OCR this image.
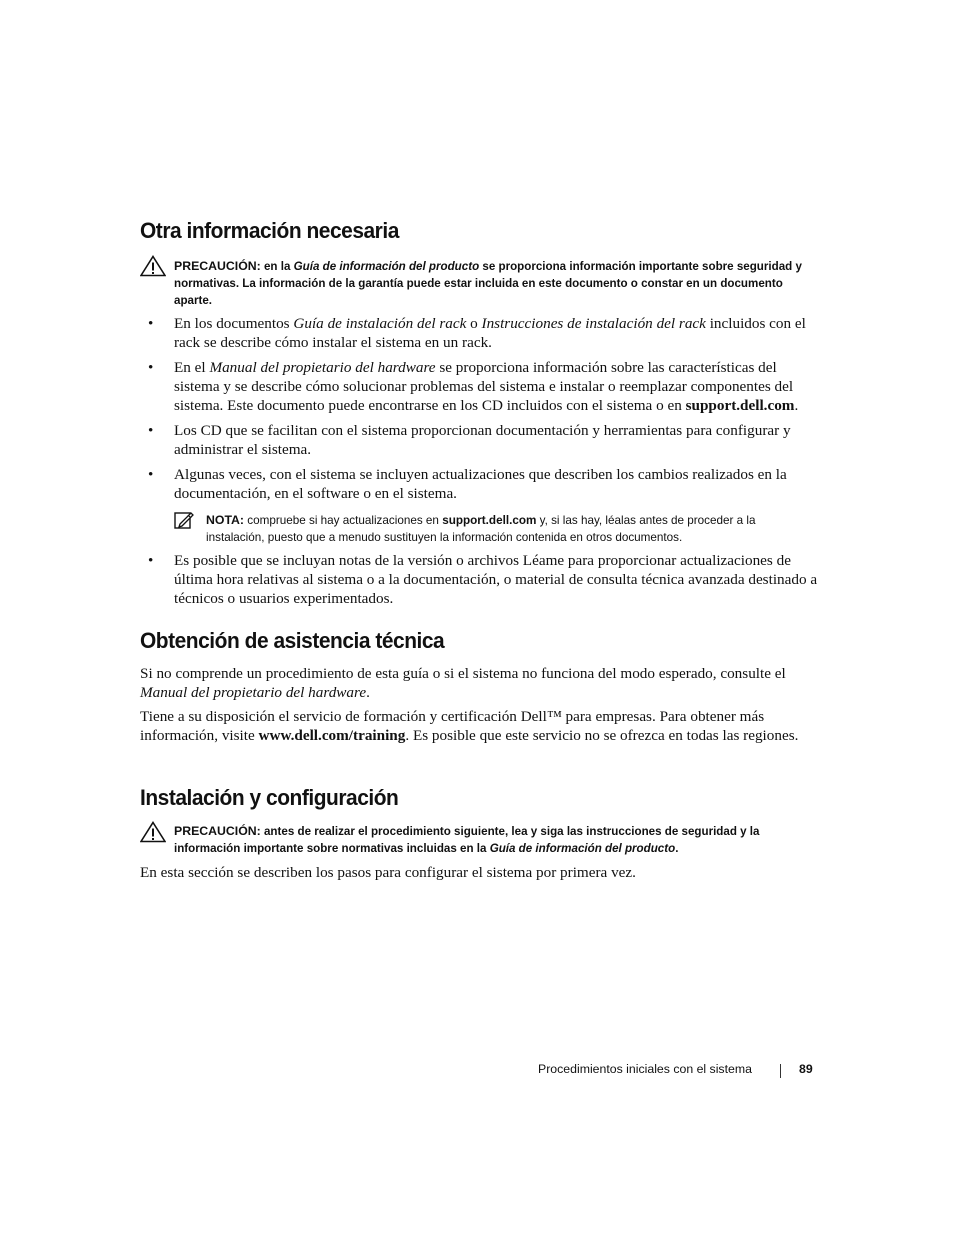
Otra información necesaria
PRECAUCIÓN: en la Guía de información del producto se proporciona información importante sobre seguridad y normativas. La información de la garantía puede estar incluida en este documento o constar en un documento aparte.
• En los documentos Guía de instalación del rack o Instrucciones de instalación del rack incluidos con el rack se describe cómo instalar el sistema en un rack.
• En el Manual del propietario del hardware se proporciona información sobre las características del sistema y se describe cómo solucionar problemas del sistema e instalar o reemplazar componentes del sistema. Este documento puede encontrarse en los CD incluidos con el sistema o en support.dell.com.
• Los CD que se facilitan con el sistema proporcionan documentación y herramientas para configurar y administrar el sistema.
• Algunas veces, con el sistema se incluyen actualizaciones que describen los cambios realizados en la documentación, en el software o en el sistema.
NOTA: compruebe si hay actualizaciones en support.dell.com y, si las hay, léalas antes de proceder a la instalación, puesto que a menudo sustituyen la información contenida en otros documentos.
• Es posible que se incluyan notas de la versión o archivos Léame para proporcionar actualizaciones de última hora relativas al sistema o a la documentación, o material de consulta técnica avanzada destinado a técnicos o usuarios experimentados.
Obtención de asistencia técnica
Si no comprende un procedimiento de esta guía o si el sistema no funciona del modo esperado, consulte el Manual del propietario del hardware.
Tiene a su disposición el servicio de formación y certificación Dell™ para empresas. Para obtener más información, visite www.dell.com/training. Es posible que este servicio no se ofrezca en todas las regiones.
Instalación y configuración
PRECAUCIÓN: antes de realizar el procedimiento siguiente, lea y siga las instrucciones de seguridad y la información importante sobre normativas incluidas en la Guía de información del producto.
En esta sección se describen los pasos para configurar el sistema por primera vez.
Procedimientos iniciales con el sistema	89
